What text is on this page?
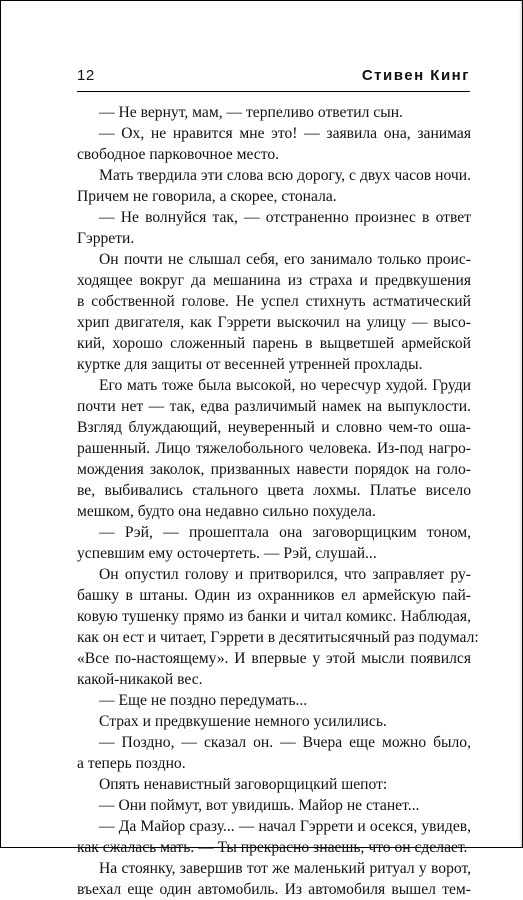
12	Стивен Кинг
— Не вернут, мам, — терпеливо ответил сын.
— Ох, не нравится мне это! — заявила она, занимая
свободное парковочное место.
Мать твердила эти слова всю дорогу, с двух часов ночи.
Причем не говорила, а скорее, стонала.
— Не волнуйся так, — отстраненно произнес в ответ
Гэррети.
Он почти не слышал себя, его занимало только проис-
ходящее вокруг да мешанина из страха и предвкушения
в собственной голове. Не успел стихнуть астматический
хрип двигателя, как Гэррети выскочил на улицу — высо-
кий, хорошо сложенный парень в выцветшей армейской
куртке для защиты от весенней утренней прохлады.
Его мать тоже была высокой, но чересчур худой. Груди
почти нет — так, едва различимый намек на выпуклости.
Взгляд блуждающий, неуверенный и словно чем-то оша-
рашенный. Лицо тяжелобольного человека. Из-под нагро-
мождения заколок, призванных навести порядок на голо-
ве, выбивались стального цвета лохмы. Платье висело
мешком, будто она недавно сильно похудела.
— Рэй, — прошептала она заговорщицким тоном,
успевшим ему осточертеть. — Рэй, слушай...
Он опустил голову и притворился, что заправляет ру-
башку в штаны. Один из охранников ел армейскую пай-
ковую тушенку прямо из банки и читал комикс. Наблюдая,
как он ест и читает, Гэррети в десятитысячный раз подумал:
«Все по-настоящему». И впервые у этой мысли появился
какой-никакой вес.
— Еще не поздно передумать...
Страх и предвкушение немного усилились.
— Поздно, — сказал он. — Вчера еще можно было,
а теперь поздно.
Опять ненавистный заговорщицкий шепот:
— Они поймут, вот увидишь. Майор не станет...
— Да Майор сразу... — начал Гэррети и осекся, увидев,
как сжалась мать. — Ты прекрасно знаешь, что он сделает.
На стоянку, завершив тот же маленький ритуал у ворот,
въехал еще один автомобиль. Из автомобиля вышел тем-
